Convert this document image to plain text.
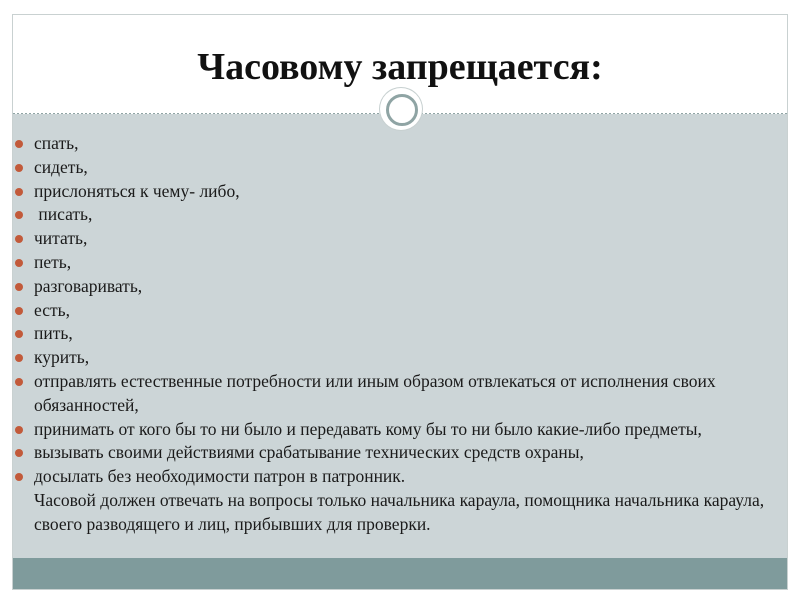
Часовому запрещается:
спать,
сидеть,
прислоняться к чему- либо,
писать,
читать,
петь,
разговаривать,
есть,
пить,
курить,
отправлять естественные потребности или иным образом отвлекаться от исполнения своих обязанностей,
принимать от кого бы то ни было и передавать кому бы то ни было какие-либо предметы,
вызывать своими действиями срабатывание технических средств охраны,
досылать без необходимости патрон в патронник.
Часовой должен отвечать на вопросы только начальника караула, помощника начальника караула, своего разводящего и лиц, прибывших для проверки.
